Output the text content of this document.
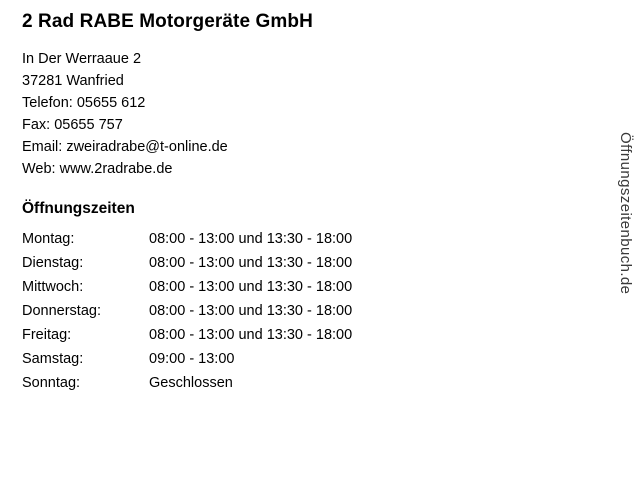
2 Rad RABE Motorgeräte GmbH
In Der Werraaue 2
37281 Wanfried
Telefon: 05655 612
Fax: 05655 757
Email: zweiradrabe@t-online.de
Web: www.2radrabe.de
Öffnungszeiten
Montag:	08:00 - 13:00 und 13:30 - 18:00
Dienstag:	08:00 - 13:00 und 13:30 - 18:00
Mittwoch:	08:00 - 13:00 und 13:30 - 18:00
Donnerstag:	08:00 - 13:00 und 13:30 - 18:00
Freitag:	08:00 - 13:00 und 13:30 - 18:00
Samstag:	09:00 - 13:00
Sonntag:	Geschlossen
Öffnungszeitenbuch.de
